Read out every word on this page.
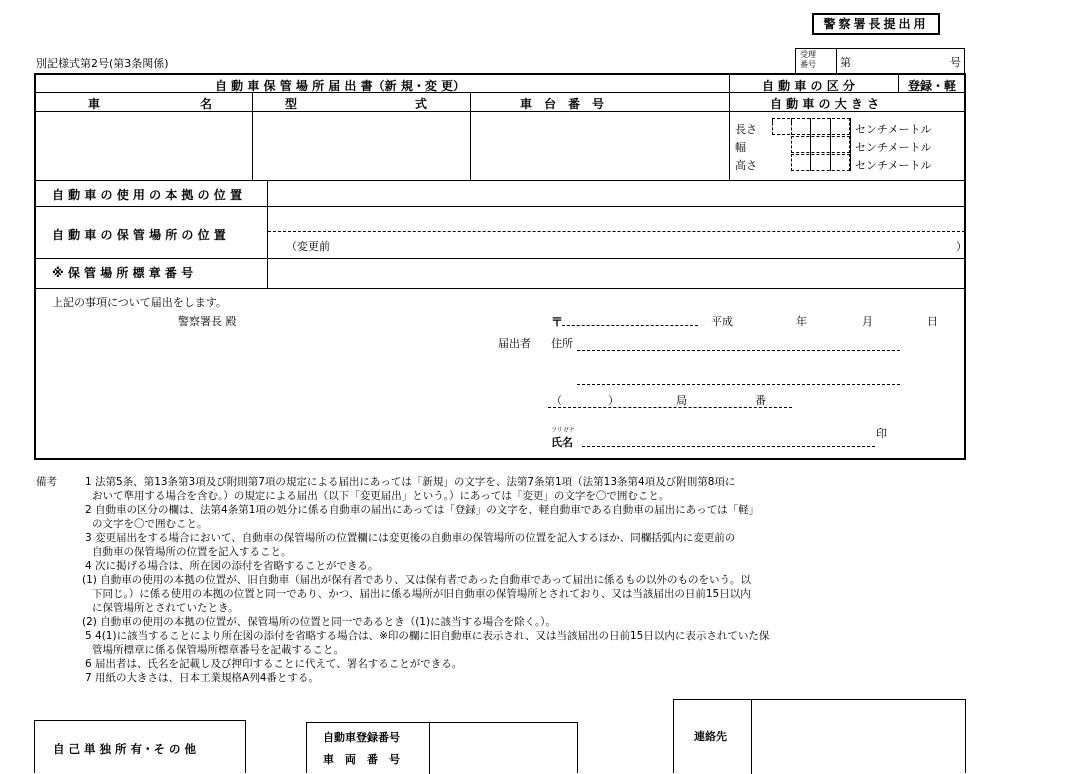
警察署長提出用
別記様式第2号(第3条関係)
受理
番号 第	号
自 動 車 保 管 場 所 届 出 書（新 規・変 更）	自 動 車 の 区 分	登録・軽
車	名	型	式	車　台　番　号	自 動 車 の 大 き さ
長さ
幅
高さ
センチメートル
センチメートル
センチメートル
自 動 車 の 使 用 の 本 拠 の 位 置
自 動 車 の 保 管 場 所 の 位 置
（変更前	）
※ 保 管 場 所 標 章 番 号
上記の事項について届出をします。
警察署長 殿	〒	平成	年	月	日
届出者 住所
（	）	局	番
フリガナ
氏名
印
備考	1 法第5条、第13条第3項及び附則第7項の規定による届出にあっては「新規」の文字を、法第7条第1項（法第13条第4項及び附則第8項に
おいて準用する場合を含む。）の規定による届出（以下「変更届出」という。）にあっては「変更」の文字を〇で囲むこと。
2 自動車の区分の欄は、法第4条第1項の処分に係る自動車の届出にあっては「登録」の文字を、軽自動車である自動車の届出にあっては「軽」
の文字を〇で囲むこと。
3 変更届出をする場合において、自動車の保管場所の位置欄には変更後の自動車の保管場所の位置を記入するほか、同欄括弧内に変更前の
自動車の保管場所の位置を記入すること。
4 次に掲げる場合は、所在図の添付を省略することができる。
(1) 自動車の使用の本拠の位置が、旧自動車（届出が保有者であり、又は保有者であった自動車であって届出に係るもの以外のものをいう。以
下同じ。）に係る使用の本拠の位置と同一であり、かつ、届出に係る場所が旧自動車の保管場所とされており、又は当該届出の日前15日以内
に保管場所とされていたとき。
(2) 自動車の使用の本拠の位置が、保管場所の位置と同一であるとき（(1)に該当する場合を除く。）。
5 4(1)に該当することにより所在図の添付を省略する場合は、※印の欄に旧自動車に表示され、又は当該届出の日前15日以内に表示されていた保
管場所標章に係る保管場所標章番号を記載すること。
6 届出者は、氏名を記載し及び押印することに代えて、署名することができる。
7 用紙の大きさは、日本工業規格A列4番とする。
自 己 単 独 所 有・そ の 他
自動車登録番号
車　両　番　号
連絡先
